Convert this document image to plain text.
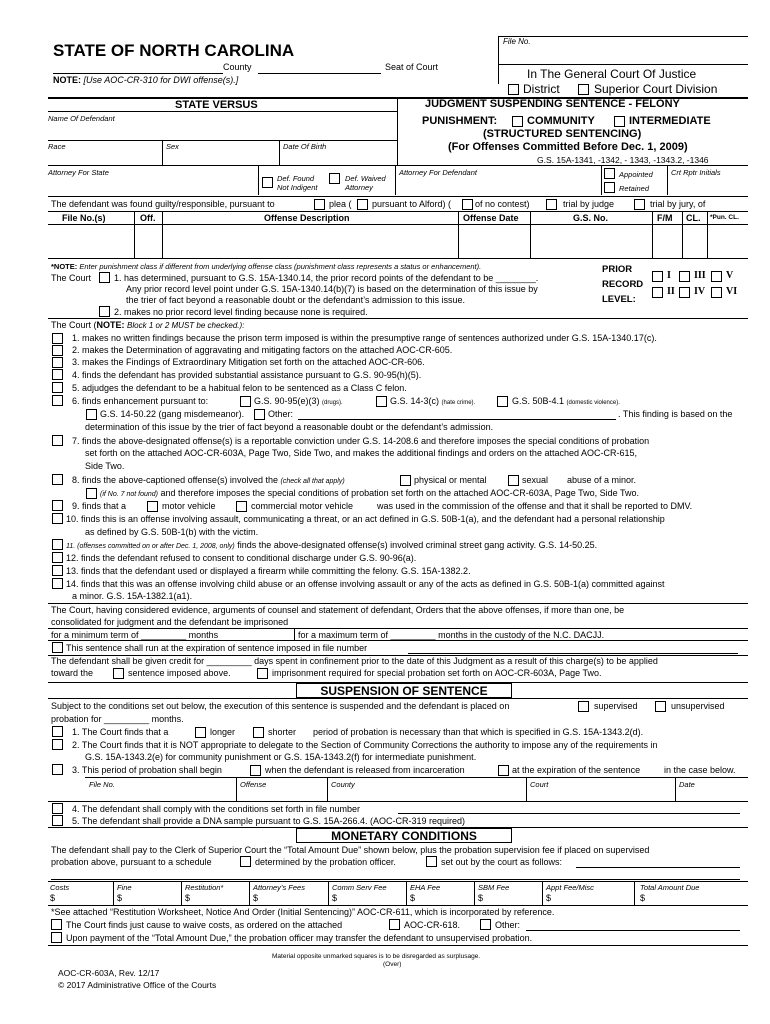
File No.
STATE OF NORTH CAROLINA
County	Seat of Court
NOTE: [Use AOC-CR-310 for DWI offense(s).]	In The General Court Of Justice
District	Superior Court Division
STATE VERSUS
Name Of Defendant
Race	Sex	Date Of Birth
JUDGMENT SUSPENDING SENTENCE - FELONY
PUNISHMENT:	COMMUNITY	INTERMEDIATE
(STRUCTURED SENTENCING)
(For Offenses Committed Before Dec. 1, 2009)
G.S. 15A-1341, -1342, - 1343, -1343.2, -1346
Attorney For State
Def. Found
Not Indigent
Def. Waived
Attorney
Attorney For Defendant	Appointed
Retained
Crt Rptr Initials
The defendant was found guilty/responsible, pursuant to	plea ( pursuant to Alford) (	of no contest)	trial by judge	trial by jury, of
File No.(s)	Off.	Offense Description	Offense Date	G.S. No.	F/M CL. *Pun. CL.
*NOTE: Enter punishment class if different from underlying offense class (punishment class represents a status or enhancement).
The Court	1. has determined, pursuant to G.S. 15A-1340.14, the prior record points of the defendant to be ________.
Any prior record level point under G.S. 15A-1340.14(b)(7) is based on the determination of this issue by
the trier of fact beyond a reasonable doubt or the defendant’s admission to this issue.
2. makes no prior record level finding because none is required.
PRIOR
RECORD
LEVEL:
I III V
II IV VI
The Court (NOTE: Block 1 or 2 MUST be checked.):
1. makes no written findings because the prison term imposed is within the presumptive range of sentences authorized under G.S. 15A-1340.17(c).
2. makes the Determination of aggravating and mitigating factors on the attached AOC-CR-605.
3. makes the Findings of Extraordinary Mitigation set forth on the attached AOC-CR-606.
4. finds the defendant has provided substantial assistance pursuant to G.S. 90-95(h)(5).
5. adjudges the defendant to be a habitual felon to be sentenced as a Class C felon.
6. finds enhancement pursuant to:	G.S. 90-95(e)(3) (drugs).	G.S. 14-3(c) (hate crime).	G.S. 50B-4.1 (domestic violence).
G.S. 14-50.22 (gang misdemeanor).	Other:	. This finding is based on the
determination of this issue by the trier of fact beyond a reasonable doubt or the defendant’s admission.
7. finds the above-designated offense(s) is a reportable conviction under G.S. 14-208.6 and therefore imposes the special conditions of probation
set forth on the attached AOC-CR-603A, Page Two, Side Two, and makes the additional findings and orders on the attached AOC-CR-615,
Side Two.
8. finds the above-captioned offense(s) involved the (check all that apply)	physical or mental	sexual abuse of a minor.
(if No. 7 not found) and therefore imposes the special conditions of probation set forth on the attached AOC-CR-603A, Page Two, Side Two.
9. finds that a	motor vehicle	commercial motor vehicle	was used in the commission of the offense and that it shall be reported to DMV.
10. finds this is an offense involving assault, communicating a threat, or an act defined in G.S. 50B-1(a), and the defendant had a personal relationship
as defined by G.S. 50B-1(b) with the victim.
11. (offenses committed on or after Dec. 1, 2008, only) finds the above-designated offense(s) involved criminal street gang activity. G.S. 14-50.25.
12. finds the defendant refused to consent to conditional discharge under G.S. 90-96(a).
13. finds that the defendant used or displayed a firearm while committing the felony. G.S. 15A-1382.2.
14. finds that this was an offense involving child abuse or an offense involving assault or any of the acts as defined in G.S. 50B-1(a) committed against
a minor. G.S. 15A-1382.1(a1).
The Court, having considered evidence, arguments of counsel and statement of defendant, Orders that the above offenses, if more than one, be
consolidated for judgment and the defendant be imprisoned
for a minimum term of _________ months	for a maximum term of _________ months in the custody of the N.C. DACJJ.
This sentence shall run at the expiration of sentence imposed in file number
The defendant shall be given credit for _________ days spent in confinement prior to the date of this Judgment as a result of this charge(s) to be applied
toward the	sentence imposed above.	imprisonment required for special probation set forth on AOC-CR-603A, Page Two.
SUSPENSION OF SENTENCE
Subject to the conditions set out below, the execution of this sentence is suspended and the defendant is placed on	supervised	unsupervised
probation for _________ months.
1. The Court finds that a	longer	shorter period of probation is necessary than that which is specified in G.S. 15A-1343.2(d).
2. The Court finds that it is NOT appropriate to delegate to the Section of Community Corrections the authority to impose any of the requirements in
G.S. 15A-1343.2(e) for community punishment or G.S. 15A-1343.2(f) for intermediate punishment.
3. This period of probation shall begin	when the defendant is released from incarceration	at the expiration of the sentence	in the case below.
File No.	Offense	County	Court	Date
4. The defendant shall comply with the conditions set forth in file number
5. The defendant shall provide a DNA sample pursuant to G.S. 15A-266.4. (AOC-CR-319 required)
MONETARY CONDITIONS
The defendant shall pay to the Clerk of Superior Court the “Total Amount Due” shown below, plus the probation supervision fee if placed on supervised
probation above, pursuant to a schedule	determined by the probation officer.	set out by the court as follows:
Costs	Fine	Restitution*	Attorney’s Fees	Comm Serv Fee	EHA Fee	SBM Fee	Appt Fee/Misc	Total Amount Due
$	$	$	$	$	$	$	$	$
*See attached “Restitution Worksheet, Notice And Order (Initial Sentencing)” AOC-CR-611, which is incorporated by reference.
The Court finds just cause to waive costs, as ordered on the attached	AOC-CR-618.	Other:
Upon payment of the “Total Amount Due,” the probation officer may transfer the defendant to unsupervised probation.
Material opposite unmarked squares is to be disregarded as surplusage.
(Over)
AOC-CR-603A, Rev. 12/17
© 2017 Administrative Office of the Courts
